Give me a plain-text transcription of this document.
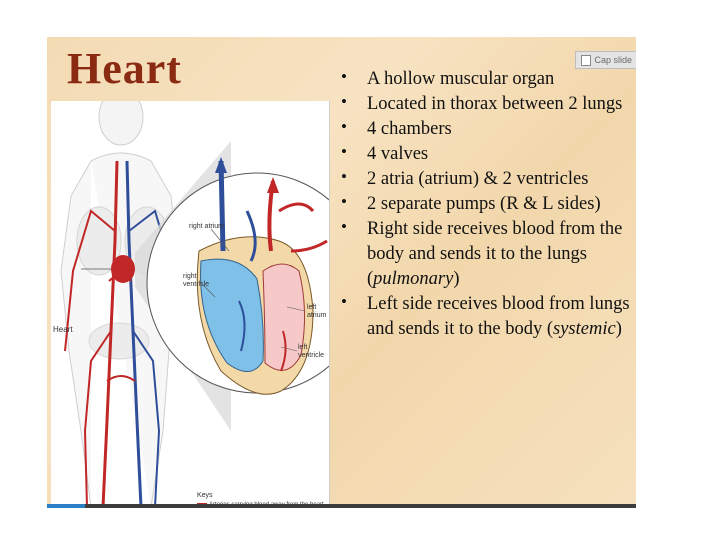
Heart	Cap slide
Heart
right atrium
right
ventricle
left
atrium
left
ventricle
Keys
• A hollow muscular organ
• Located in thorax between 2 lungs
• 4 chambers
• 4 valves
• 2 atria (atrium) & 2 ventricles
• 2 separate pumps (R & L sides)
• Right side receives blood from the body and sends it to the lungs (pulmonary)
• Left side receives blood from lungs and sends it to the body (systemic)
